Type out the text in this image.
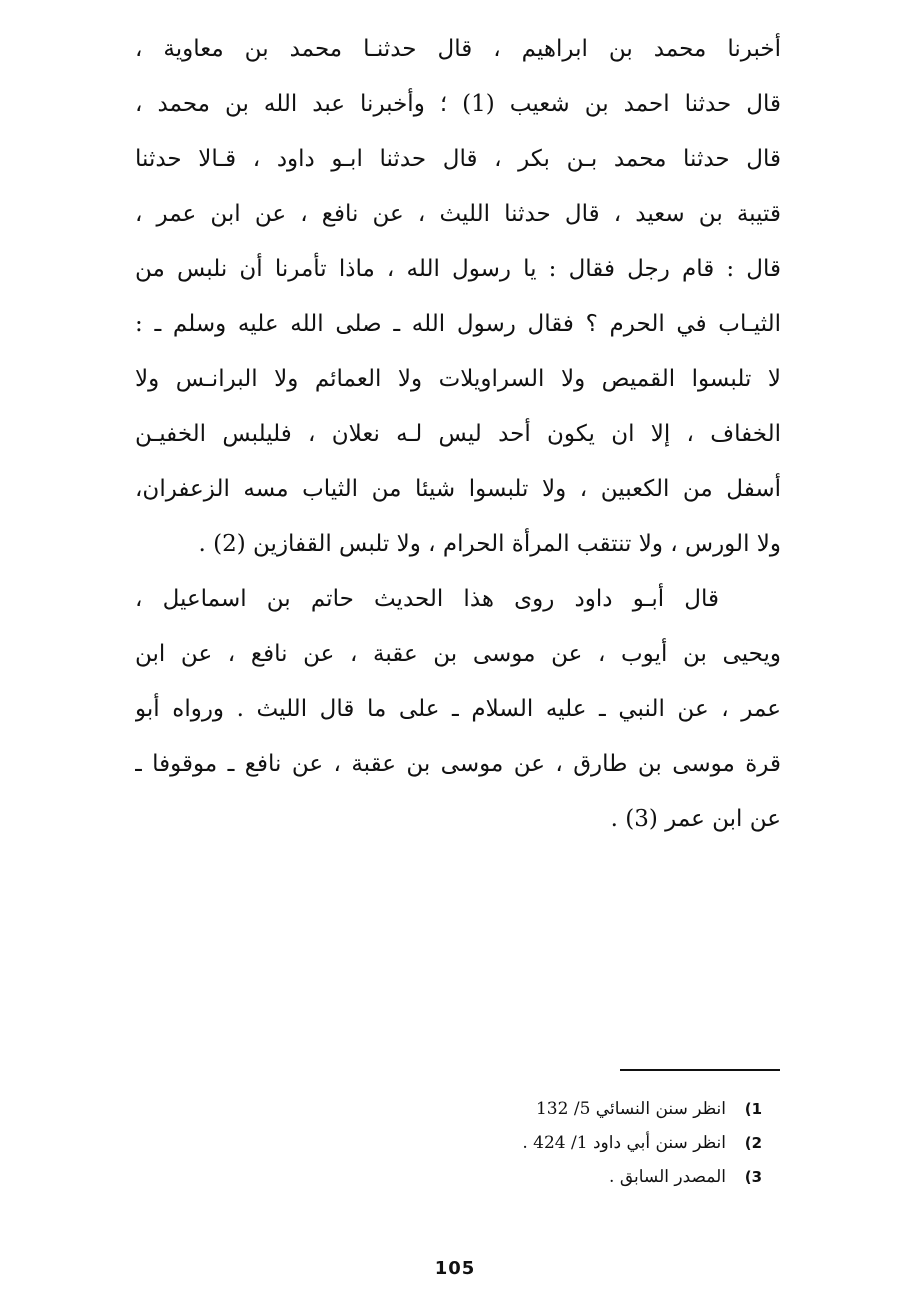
أخبرنا محمد بن ابراهيم ، قال حدثنـا محمد بن معاوية ،
قال حدثنا احمد بن شعيب (1) ؛ وأخبرنا عبد الله بن محمد ،
قال حدثنا محمد بـن بكر ، قال حدثنا ابـو داود ، قـالا حدثنا
قتيبة بن سعيد ، قال حدثنا الليث ، عن نافع ، عن ابن عمر ،
قال : قام رجل فقال : يا رسول الله ، ماذا تأمرنا أن نلبس من
الثيـاب في الحرم ؟ فقال رسول الله ـ صلى الله عليه وسلم ـ :
لا تلبسوا القميص ولا السراويلات ولا العمائم ولا البرانـس ولا
الخفاف ، إلا ان يكون أحد ليس لـه نعلان ، فليلبس الخفيـن
أسفل من الكعبين ، ولا تلبسوا شيئا من الثياب مسه الزعفران،
ولا الورس ، ولا تنتقب المرأة الحرام ، ولا تلبس القفازين (2) .
قال أبـو داود روى هذا الحديث حاتم بن اسماعيل ،
ويحيى بن أيوب ، عن موسى بن عقبة ، عن نافع ، عن ابن
عمر ، عن النبي ـ عليه السلام ـ على ما قال الليث . ورواه أبو
قرة موسى بن طارق ، عن موسى بن عقبة ، عن نافع ـ موقوفا ـ
عن ابن عمر (3) .
1)انظر سنن النسائي 5/ 132
2)انظر سنن أبي داود 1/ 424 .
3)المصدر السابق .
105
